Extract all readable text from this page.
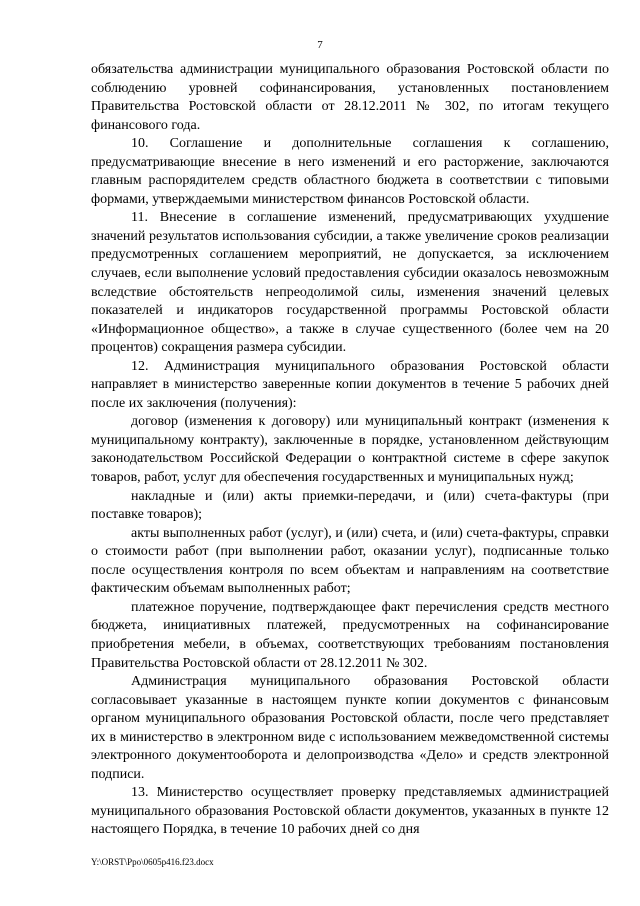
7

обязательства администрации муниципального образования Ростовской области по соблюдению уровней софинансирования, установленных постановлением Правительства Ростовской области от 28.12.2011 № 302, по итогам текущего финансового года.

10. Соглашение и дополнительные соглашения к соглашению, предусматривающие внесение в него изменений и его расторжение, заключаются главным распорядителем средств областного бюджета в соответствии с типовыми формами, утверждаемыми министерством финансов Ростовской области.

11. Внесение в соглашение изменений, предусматривающих ухудшение значений результатов использования субсидии, а также увеличение сроков реализации предусмотренных соглашением мероприятий, не допускается, за исключением случаев, если выполнение условий предоставления субсидии оказалось невозможным вследствие обстоятельств непреодолимой силы, изменения значений целевых показателей и индикаторов государственной программы Ростовской области «Информационное общество», а также в случае существенного (более чем на 20 процентов) сокращения размера субсидии.

12. Администрация муниципального образования Ростовской области направляет в министерство заверенные копии документов в течение 5 рабочих дней после их заключения (получения):

договор (изменения к договору) или муниципальный контракт (изменения к муниципальному контракту), заключенные в порядке, установленном действующим законодательством Российской Федерации о контрактной системе в сфере закупок товаров, работ, услуг для обеспечения государственных и муниципальных нужд;

накладные и (или) акты приемки-передачи, и (или) счета-фактуры (при поставке товаров);

акты выполненных работ (услуг), и (или) счета, и (или) счета-фактуры, справки о стоимости работ (при выполнении работ, оказании услуг), подписанные только после осуществления контроля по всем объектам и направлениям на соответствие фактическим объемам выполненных работ;

платежное поручение, подтверждающее факт перечисления средств местного бюджета, инициативных платежей, предусмотренных на софинансирование приобретения мебели, в объемах, соответствующих требованиям постановления Правительства Ростовской области от 28.12.2011 № 302.

Администрация муниципального образования Ростовской области согласовывает указанные в настоящем пункте копии документов с финансовым органом муниципального образования Ростовской области, после чего представляет их в министерство в электронном виде с использованием межведомственной системы электронного документооборота и делопроизводства «Дело» и средств электронной подписи.

13. Министерство осуществляет проверку представляемых администрацией муниципального образования Ростовской области документов, указанных в пункте 12 настоящего Порядка, в течение 10 рабочих дней со дня

Y:\ORST\Ppo\0605p416.f23.docx
